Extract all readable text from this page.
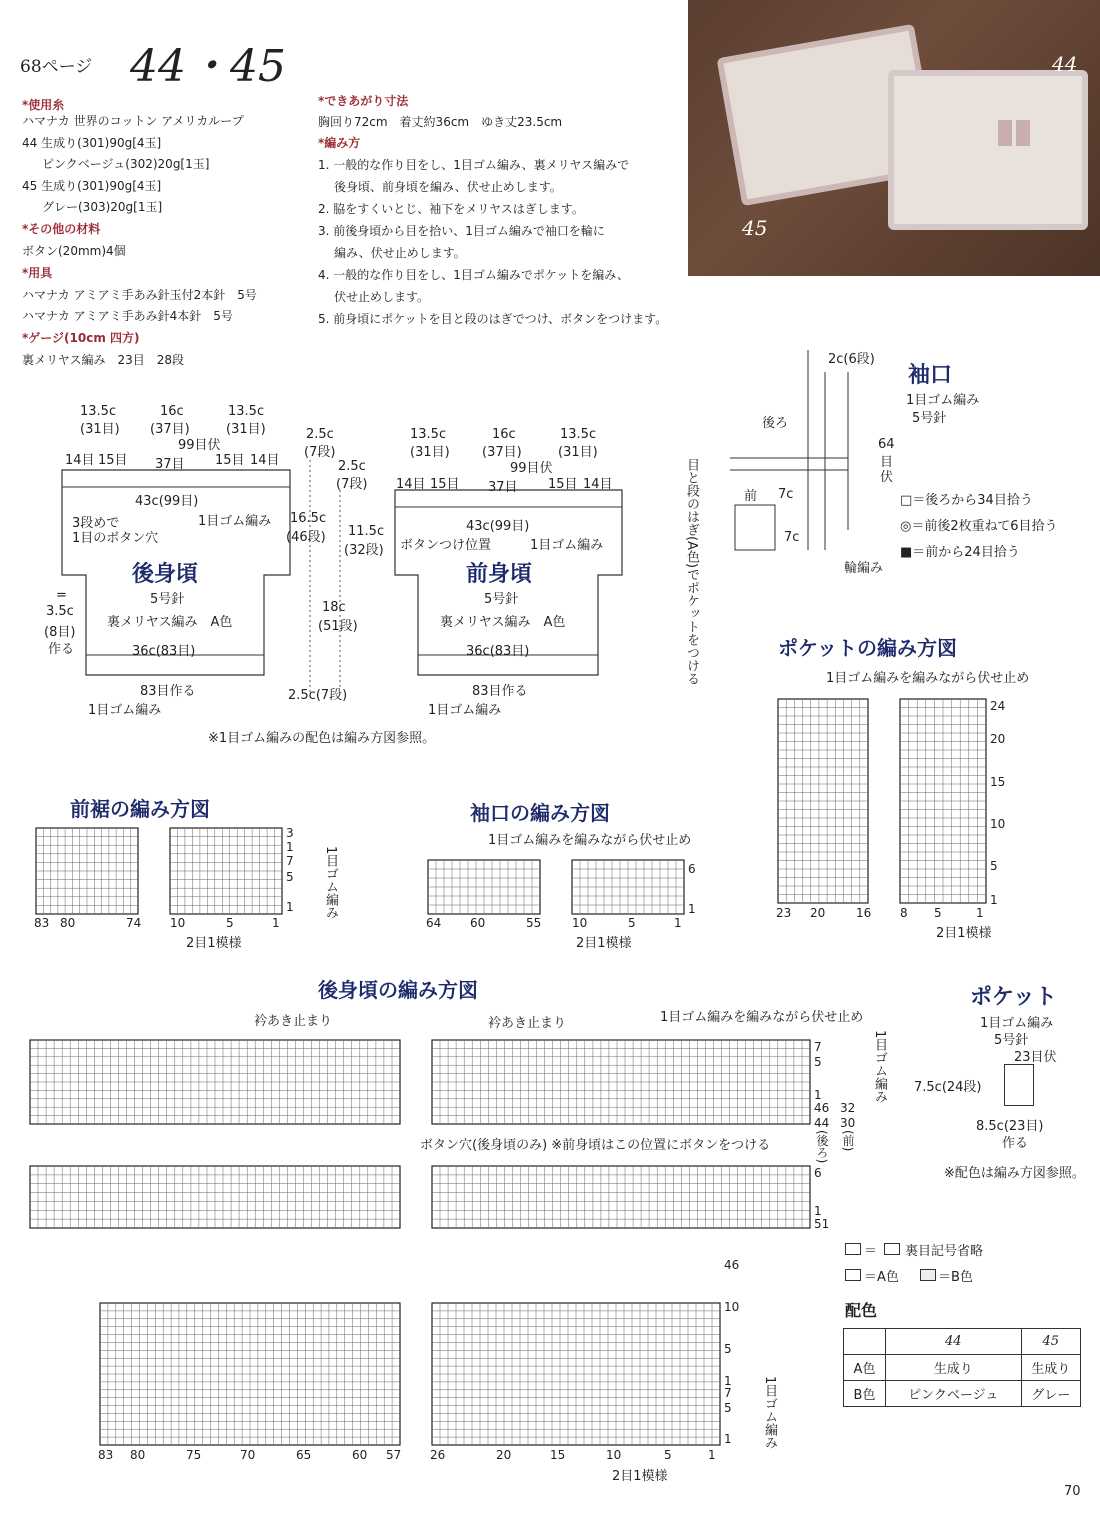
68ページ 44・45
*使用糸
ハマナカ 世界のコットン アメリカループ
44 生成り(301)90g[4玉]
ピンクベージュ(302)20g[1玉]
45 生成り(301)90g[4玉]
グレー(303)20g[1玉]
*その他の材料
ボタン(20mm)4個
*用具
ハマナカ アミアミ手あみ針玉付2本針　5号
ハマナカ アミアミ手あみ針4本針　5号
*ゲージ(10cm 四方)
裏メリヤス編み　23目　28段
*できあがり寸法
胸回り72cm　着丈約36cm　ゆき丈23.5cm
*編み方
1. 一般的な作り目をし、1目ゴム編み、裏メリヤス編みで
後身頃、前身頃を編み、伏せ止めします。
2. 脇をすくいとじ、袖下をメリヤスはぎします。
3. 前後身頃から目を拾い、1目ゴム編みで袖口を輪に
編み、伏せ止めします。
4. 一般的な作り目をし、1目ゴム編みでポケットを編み、
伏せ止めします。
5. 前身頃にポケットを目と段のはぎでつけ、ボタンをつけます。
44
45
13.5c
(31目)
16c
(37目)
13.5c
(31目)
99目伏
14目 15目 37目 15目 14目
43c(99目)
3段めで
1目のボタン穴
1目ゴム編み
後身頃
5号針
裏メリヤス編み　A色
36c(83目)
83目作る
1目ゴム編み
=
3.5c
(8目)
作る
2.5c
(7段)
2.5c
(7段)
16.5c
(46段) 11.5c
(32段)
18c
(51段)
2.5c(7段)
13.5c
(31目)
16c
(37目)
13.5c
(31目)
99目伏
14目 15目 37目 15目 14目
43c(99目)
ボタンつけ位置	1目ゴム編み
前身頃
5号針
裏メリヤス編み　A色
36c(83目)
83目作る
1目ゴム編み
※1目ゴム編みの配色は編み方図参照。
2c(6段)
袖口
1目ゴム編み
5号針
後ろ
前 7c
7c
64
目
伏
輪編み
目と段のはぎ(A色)でポケットをつける	□＝後ろから34目拾う
◎＝前後2枚重ねて6目拾う
■＝前から24目拾う
前裾の編み方図
3
1
7
5
1 1目ゴム編み
83 80	74 10	5	1
2目1模様
袖口の編み方図
1目ゴム編みを編みながら伏せ止め
6
1
64 60	55	10	5	1
2目1模様
ポケットの編み方図
1目ゴム編みを編みながら伏せ止め
24
20
15
10
5
1
23 20	16 8 5	1
2目1模様
後身頃の編み方図
衿あき止まり	衿あき止まり	1目ゴム編みを編みながら伏せ止め
ボタン穴(後身頃のみ) ※前身頃はこの位置にボタンをつける
7
5
1
46
44
32
30
(後ろ) (前)
1目ゴム編み
6
1
51
46
10
5
1
7
5
1 1目ゴム編み
83 80	75	70	65	60 57 26	20	15	10	5	1
2目1模様
ポケット
1目ゴム編み
5号針
23目伏
7.5c(24段)
8.5c(23目)
作る
※配色は編み方図参照。
＝ 裏目記号省略
＝A色	＝B色
配色
	44	45
A色	生成り	生成り
B色	ピンクベージュ	グレー
70
